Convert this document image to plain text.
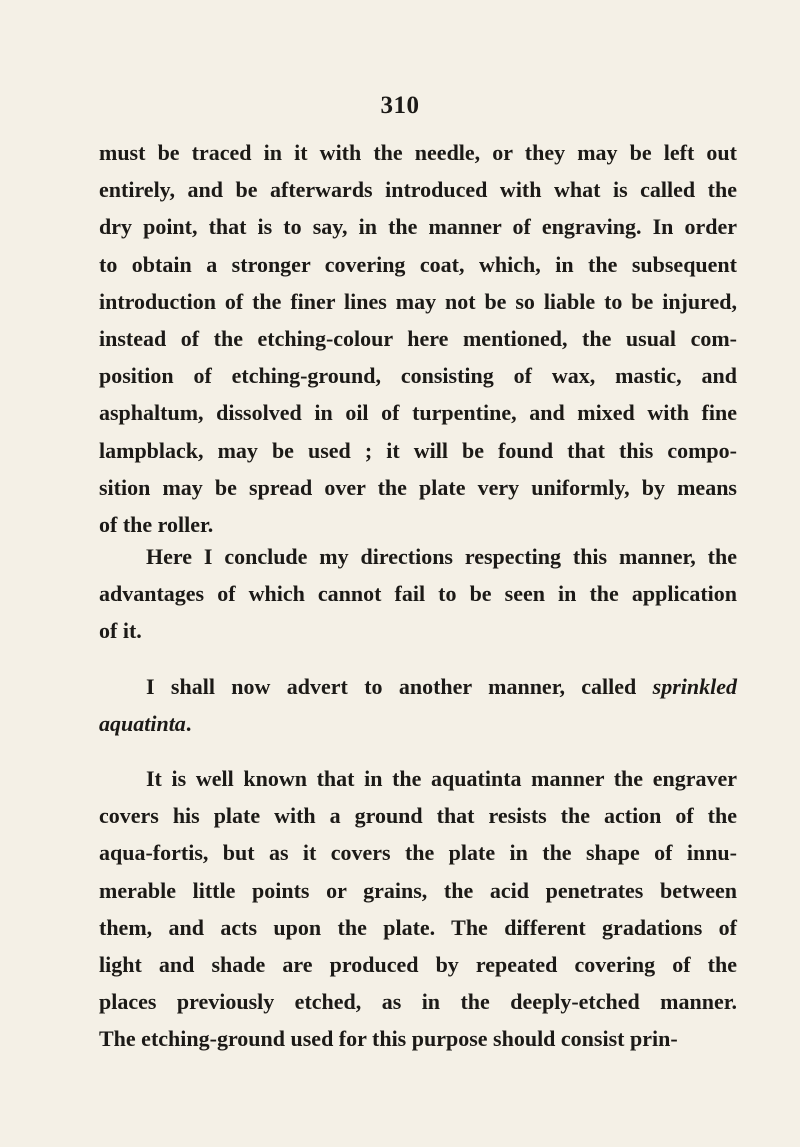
310
must be traced in it with the needle, or they may be left out
entirely, and be afterwards introduced with what is called the
dry point, that is to say, in the manner of engraving. In order
to obtain a stronger covering coat, which, in the subsequent
introduction of the finer lines may not be so liable to be injured,
instead of the etching-colour here mentioned, the usual com-
position of etching-ground, consisting of wax, mastic, and
asphaltum, dissolved in oil of turpentine, and mixed with fine
lampblack, may be used ; it will be found that this compo-
sition may be spread over the plate very uniformly, by means
of the roller.
Here I conclude my directions respecting this manner, the
advantages of which cannot fail to be seen in the application
of it.
I shall now advert to another manner, called sprinkled
aquatinta.
It is well known that in the aquatinta manner the engraver
covers his plate with a ground that resists the action of the
aqua-fortis, but as it covers the plate in the shape of innu-
merable little points or grains, the acid penetrates between
them, and acts upon the plate. The different gradations of
light and shade are produced by repeated covering of the
places previously etched, as in the deeply-etched manner.
The etching-ground used for this purpose should consist prin-
